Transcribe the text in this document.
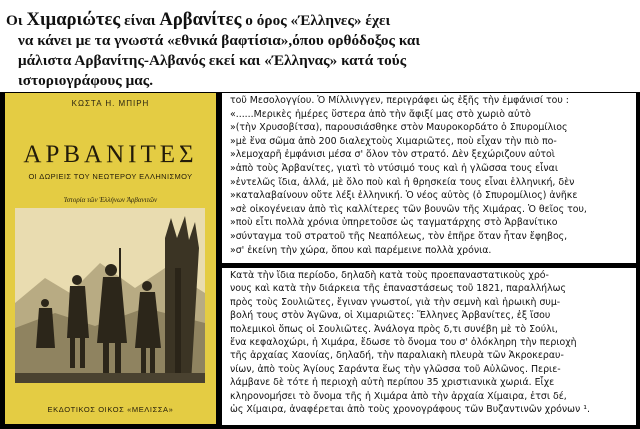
Οι Χιμαριώτες είναι Αρβανίτες ο όρος «Έλληνες» έχει

να κάνει με τα γνωστά «εθνικά βαφτίσια»,όπου ορθόδοξος και

μάλιστα Αρβανίτης-Αλβανός εκεί και «Έλληνας» κατά τούς

ιστοριογράφους μας.

ΚΩΣΤΑ Η. ΜΠΙΡΗ
ΑΡΒΑΝΙΤΕΣ
ΟΙ ΔΩΡΙΕΙΣ ΤΟΥ ΝΕΩΤΕΡΟΥ ΕΛΛΗΝΙΣΜΟΥ
Ἱστορία τῶν Ἑλλήνων Ἀρβανιτῶν
ΕΚΔΟΤΙΚΟΣ ΟΙΚΟΣ «ΜΕΛΙΣΣΑ»

τοῦ Μεσολογγίου. Ὁ Μίλλινγγεν, περιγράφει ὡς ἑξῆς τὴν ἐμφάνισί του :

«......Μερικὲς ἡμέρες ὕστερα ἀπὸ τὴν ἄφιξί μας στὸ χωριὸ αὐτὸ

»(τὴν Χρυσοβίτσα), παρουσιάσθηκε στὸν Μαυροκορδάτο ὁ Σπυρομίλιος

»μὲ ἕνα σῶμα ἀπὸ 200 διαλεχτοὺς Χιμαριῶτες, ποὺ εἶχαν τὴν πιὸ πο-

»λεμοχαρῆ ἐμφάνισι μέσα σ' ὅλον τὸν στρατό. Δὲν ξεχώριζουν αὐτοὶ

»ἀπὸ τοὺς Ἀρβανίτες, γιατὶ τὸ ντύσιμό τους καὶ ἡ γλῶσσα τους εἶναι

»ἐντελῶς ἴδια, ἀλλά, μὲ ὅλο ποὺ καὶ ἡ θρησκεία τους εἶναι ἑλληνική, δὲν

»καταλαβαίνουν οὔτε λέξι ἑλληνική. Ὁ νέος αὐτὸς (ὁ Σπυρομίλιος) ἀνῆκε

»σὲ οἰκογένειαν ἀπὸ τὶς καλλίτερες τῶν βουνῶν τῆς Χιμάρας. Ὁ θεῖος του,

»ποὺ εἶτι πολλὰ χρόνια ὑπηρετοῦσε ὡς ταγματάρχης στὸ Ἀρβανίτικο

»σύνταγμα τοῦ στρατοῦ τῆς Νεαπόλεως, τὸν ἐπῆρε ὅταν ἦταν ἔφηβος,

»σ' ἐκείνη τὴν χώρα, ὅπου καὶ παρέμεινε πολλὰ χρόνια.

Κατὰ τὴν ἴδια περίοδο, δηλαδὴ κατὰ τοὺς προεπαναστατικοὺς χρό-

νους καὶ κατὰ τὴν διάρκεια τῆς ἐπαναστάσεως τοῦ 1821, παραλλήλως

πρὸς τοὺς Σουλιῶτες, ἔγιναν γνωστοί, γιὰ τὴν σεμνὴ καὶ ἡρωικὴ συμ-

βολή τους στὸν Ἀγῶνα, οἱ Χιμαριῶτες: Ἕλληνες Ἀρβανίτες, ἐξ ἴσου

πολεμικοὶ ὅπως οἱ Σουλιῶτες. Ἀνάλογα πρὸς δ,τι συνέβη μὲ τὸ Σούλι,

ἕνα κεφαλοχώρι, ἡ Χιμάρα, ἔδωσε τὸ ὄνομα του σ' ὁλόκληρη τὴν περιοχὴ

τῆς ἀρχαίας Χαονίας, δηλαδή, τὴν παραλιακὴ πλευρὰ τῶν Ἀκροκεραυ-

νίων, ἀπὸ τοὺς Ἁγίους Σαράντα ἕως τὴν γλῶσσα τοῦ Αὐλῶνος. Περιε-

λάμβανε δὲ τότε ἡ περιοχὴ αὐτὴ περίπου 35 χριστιανικὰ χωριά. Εἶχε

κληρονομήσει τὸ ὄνομα τῆς ἡ Χιμάρα ἀπὸ τὴν ἀρχαία Χίμαιρα, ἐτσι δέ,

ὡς Χίμαιρα, ἀναφέρεται ἀπὸ τοὺς χρονογράφους τῶν Βυζαντινῶν χρόνων ¹.
